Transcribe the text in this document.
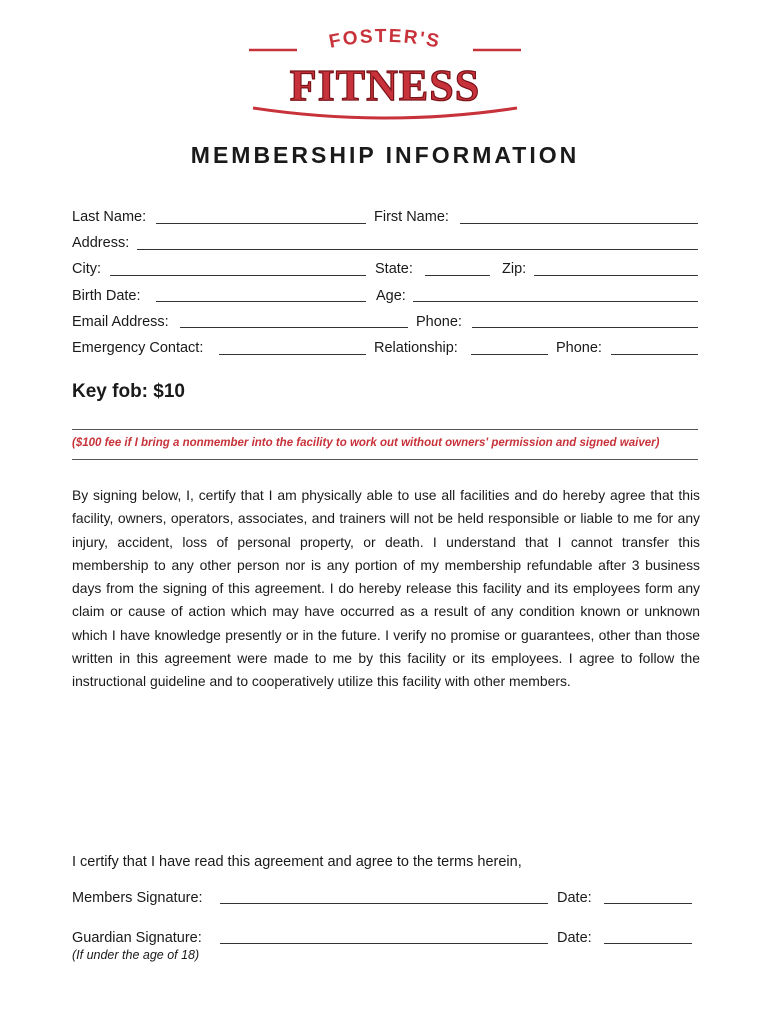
FOSTER'S
FITNESS
MEMBERSHIP INFORMATION
Last Name:	First Name:
Address:
City:	State:	Zip:
Birth Date:	Age:
Email Address:	Phone:
Emergency Contact:	Relationship:	Phone:
Key fob: $10
($100 fee if I bring a nonmember into the facility to work out without owners' permission and signed waiver)
By signing below, I, certify that I am physically able to use all facilities and do hereby agree that this facility, owners, operators, associates, and trainers will not be held responsible or liable to me for any injury, accident, loss of personal property, or death. I understand that I cannot transfer this membership to any other person nor is any portion of my membership refundable after 3 business days from the signing of this agreement. I do hereby release this facility and its employees form any claim or cause of action which may have occurred as a result of any condition known or unknown which I have knowledge presently or in the future. I verify no promise or guarantees, other than those written in this agreement were made to me by this facility or its employees. I agree to follow the instructional guideline and to cooperatively utilize this facility with other members.
I certify that I have read this agreement and agree to the terms herein,
Members Signature:	Date:
Guardian Signature:	Date:
(If under the age of 18)
